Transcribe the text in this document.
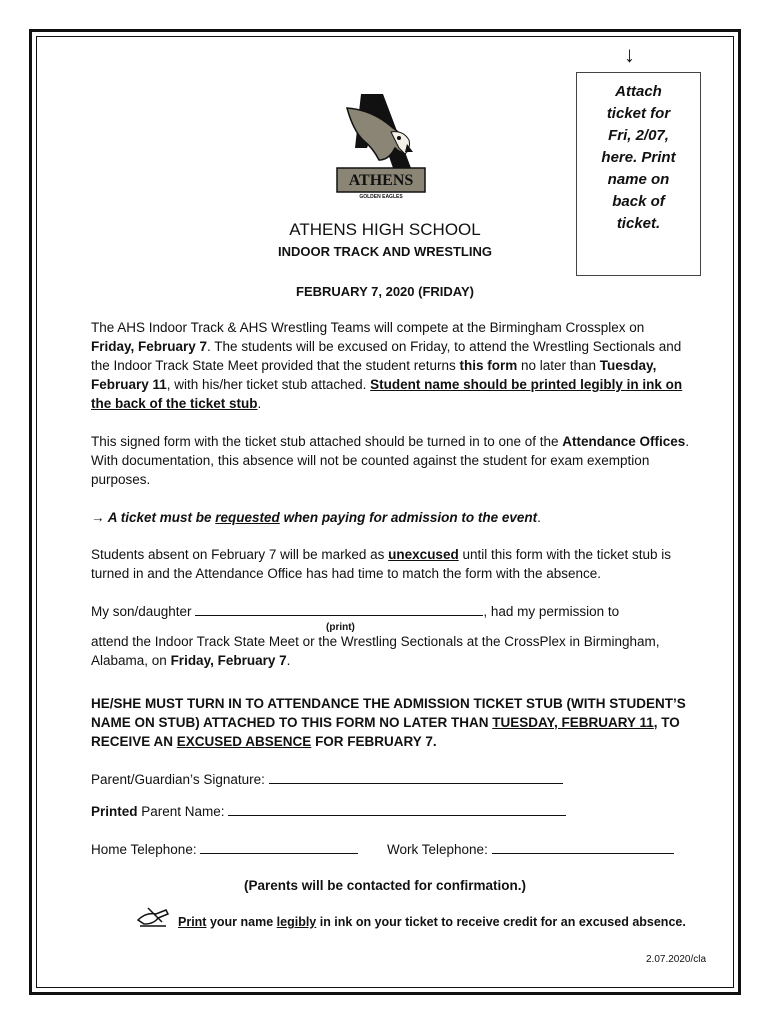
↓
Attach
ticket for
Fri, 2/07,
here. Print
name on
back of
ticket.
ATHENS
GOLDEN EAGLES
ATHENS HIGH SCHOOL
INDOOR TRACK AND WRESTLING
FEBRUARY 7, 2020 (FRIDAY)
The AHS Indoor Track & AHS Wrestling Teams will compete at the Birmingham Crossplex on Friday, February 7. The students will be excused on Friday, to attend the Wrestling Sectionals and the Indoor Track State Meet provided that the student returns this form no later than Tuesday, February 11, with his/her ticket stub attached. Student name should be printed legibly in ink on the back of the ticket stub.
This signed form with the ticket stub attached should be turned in to one of the Attendance Offices. With documentation, this absence will not be counted against the student for exam exemption purposes.
→ A ticket must be requested when paying for admission to the event.
Students absent on February 7 will be marked as unexcused until this form with the ticket stub is turned in and the Attendance Office has had time to match the form with the absence.
My son/daughter	, had my permission to
attend the Indoor Track State Meet or the Wrestling Sectionals at the CrossPlex in Birmingham, Alabama, on Friday, February 7.
(print)
HE/SHE MUST TURN IN TO ATTENDANCE THE ADMISSION TICKET STUB (WITH STUDENT’S NAME ON STUB) ATTACHED TO THIS FORM NO LATER THAN TUESDAY, FEBRUARY 11, TO RECEIVE AN EXCUSED ABSENCE FOR FEBRUARY 7.
Parent/Guardian’s Signature:
Printed Parent Name:
Home Telephone:	Work Telephone:
(Parents will be contacted for confirmation.)
Print your name legibly in ink on your ticket to receive credit for an excused absence.
2.07.2020/cla
